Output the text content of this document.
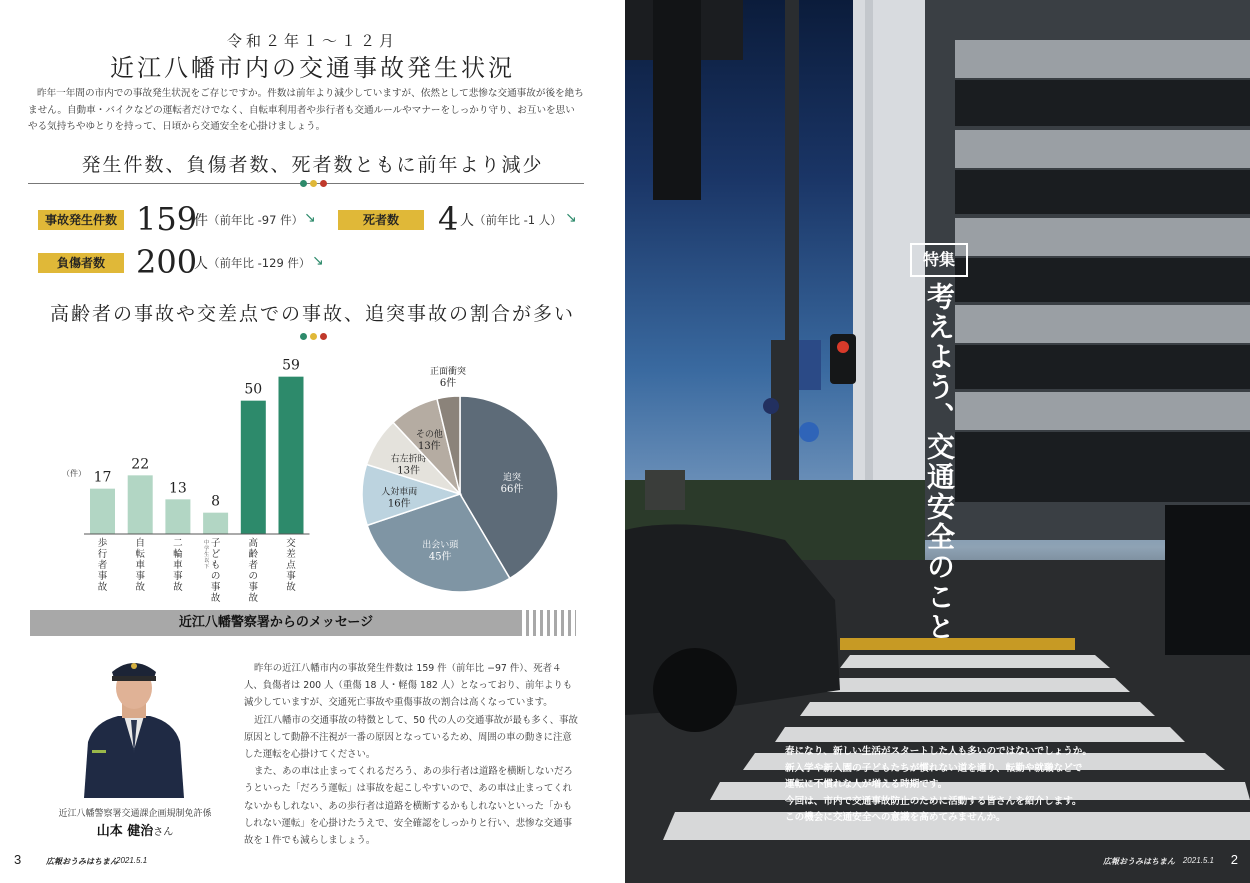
令和２年１～１２月
近江八幡市内の交通事故発生状況
昨年一年間の市内での事故発生状況をご存じですか。件数は前年より減少していますが、依然として悲惨な交通事故が後を絶ちません。自動車・バイクなどの運転者だけでなく、自転車利用者や歩行者も交通ルールやマナーをしっかり守り、お互いを思いやる気持ちやゆとりを持って、日頃から交通安全を心掛けましょう。
発生件数、負傷者数、死者数ともに前年より減少
事故発生件数 159
件 （前年比 -97 件） ↘	死者数	4 人 （前年比 -1 人） ↘
負傷者数 200
人 （前年比 -129 件） ↘
高齢者の事故や交差点での事故、追突事故の割合が多い
（件） 17
歩
行
者
事
故
22
自
転
車
事
故
13
二
輪
車
事
故
8
子
ど
も
の
事
故
中
学
生
以
下
50
高
齢
者
の
事
故
59
交
差
点
事
故
追突
66件
出会い頭
45件
人対車両
16件
右左折時
13件
その他
13件
正面衝突
6件
近江八幡警察署からのメッセージ
近江八幡警察署交通課企画規制免許係
山本 健治さん

昨年の近江八幡市内の事故発生件数は 159 件（前年比 −97 件）、死者４人、負傷者は 200 人（重傷 18 人・軽傷 182 人）となっており、前年よりも減少していますが、交通死亡事故や重傷事故の割合は高くなっています。

近江八幡市の交通事故の特徴として、50 代の人の交通事故が最も多く、事故原因として動静不注視が一番の原因となっているため、周囲の車の動きに注意した運転を心掛けてください。

また、あの車は止まってくれるだろう、あの歩行者は道路を横断しないだろうといった「だろう運転」は事故を起こしやすいので、あの車は止まってくれないかもしれない、あの歩行者は道路を横断するかもしれないといった「かもしれない運転」を心掛けたうえで、安全確認をしっかりと行い、悲惨な交通事故を１件でも減らしましょう。

3	広報おうみはちまん
2021.5.1
特集
考えよう、交通安全のこと

春になり、新しい生活がスタートした人も多いのではないでしょうか。

新入学や新入園の子どもたちが慣れない道を通り、転勤や就職などで

運転に不慣れな人が増える時期です。

今回は、市内で交通事故防止のために活動する皆さんを紹介します。

この機会に交通安全への意識を高めてみませんか。

広報おうみはちまん 2021.5.1 2
